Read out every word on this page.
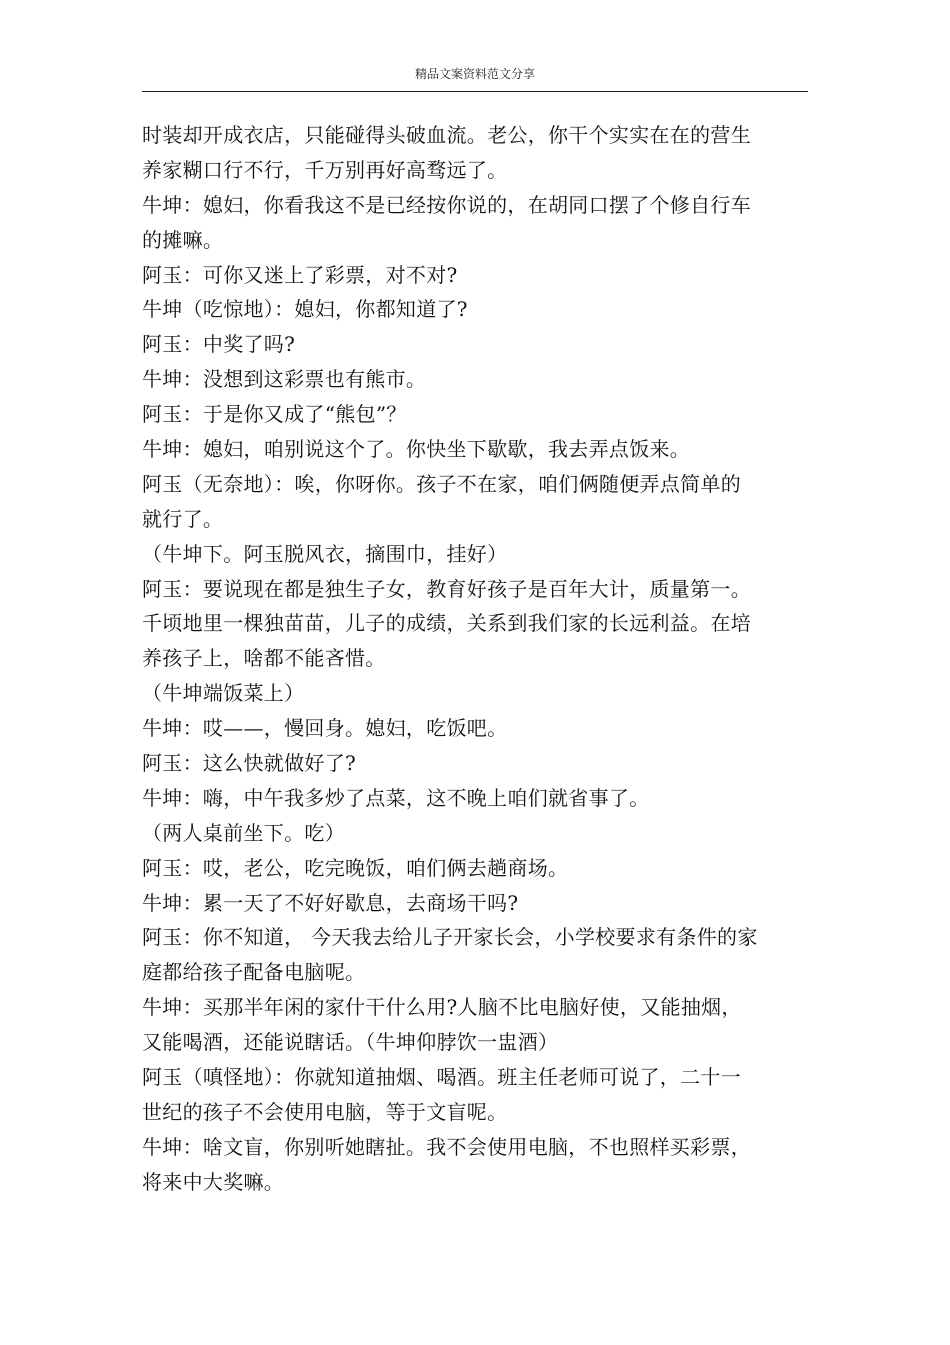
精品文案资料范文分享
时装却开成衣店，只能碰得头破血流。老公，你干个实实在在的营生
养家糊口行不行，千万别再好高骛远了。
牛坤：媳妇，你看我这不是已经按你说的，在胡同口摆了个修自行车
的摊嘛。
阿玉：可你又迷上了彩票，对不对?
牛坤（吃惊地）：媳妇，你都知道了?
阿玉：中奖了吗?
牛坤：没想到这彩票也有熊市。
阿玉：于是你又成了“熊包”？
牛坤：媳妇，咱别说这个了。你快坐下歇歇，我去弄点饭来。
阿玉（无奈地）：唉，你呀你。孩子不在家，咱们俩随便弄点简单的
就行了。
（牛坤下。阿玉脱风衣，摘围巾，挂好）
阿玉：要说现在都是独生子女，教育好孩子是百年大计，质量第一。
千顷地里一棵独苗苗，儿子的成绩，关系到我们家的长远利益。在培
养孩子上，啥都不能吝惜。
（牛坤端饭菜上）
牛坤：哎——，慢回身。媳妇，吃饭吧。
阿玉：这么快就做好了?
牛坤：嗨，中午我多炒了点菜，这不晚上咱们就省事了。
（两人桌前坐下。吃）
阿玉：哎，老公，吃完晚饭，咱们俩去趟商场。
牛坤：累一天了不好好歇息，去商场干吗?
阿玉：你不知道， 今天我去给儿子开家长会，小学校要求有条件的家
庭都给孩子配备电脑呢。
牛坤：买那半年闲的家什干什么用?人脑不比电脑好使，又能抽烟，
又能喝酒，还能说瞎话。（牛坤仰脖饮一盅酒）
阿玉（嗔怪地）：你就知道抽烟、喝酒。班主任老师可说了，二十一
世纪的孩子不会使用电脑，等于文盲呢。
牛坤：啥文盲，你别听她瞎扯。我不会使用电脑，不也照样买彩票，
将来中大奖嘛。
